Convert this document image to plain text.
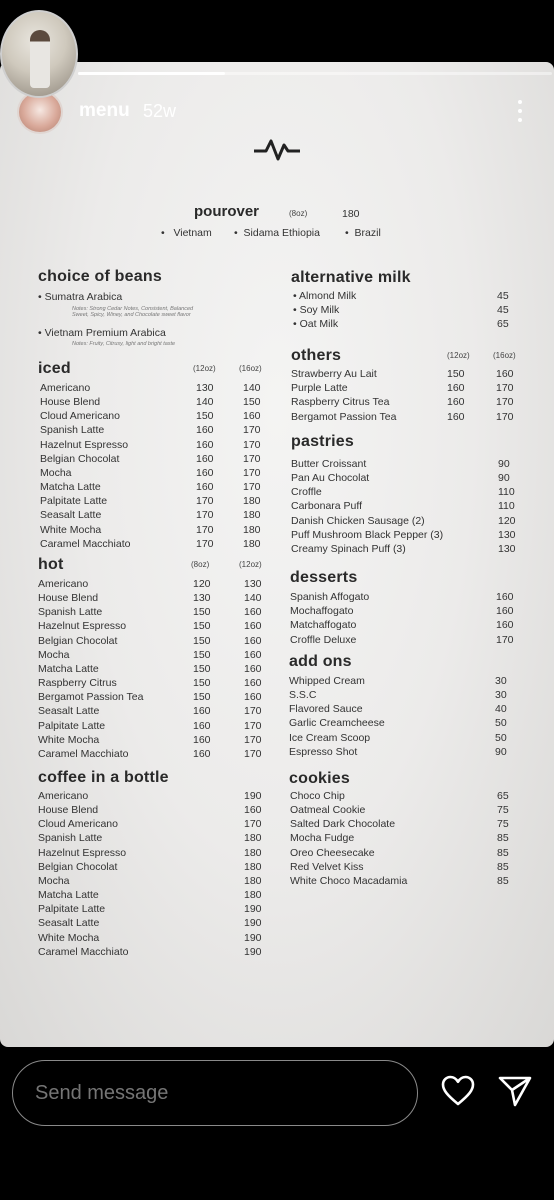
menu 52w
pourover	(8oz)	180
•   Vietnam •  Sidama Ethiopia •  Brazil
choice of beans
• Sumatra Arabica
Notes: Strong Cedar Notes, Consistent, Balanced
Sweet, Spicy, Winey, and Chocolate sweet flavor
• Vietnam Premium Arabica
Notes: Fruity, Citrusy, light and bright taste
iced	(12oz)	(16oz)
Americano	130	140
House Blend	140	150
Cloud Americano	150	160
Spanish Latte	160	170
Hazelnut Espresso	160	170
Belgian Chocolat	160	170
Mocha	160	170
Matcha Latte	160	170
Palpitate Latte	170	180
Seasalt Latte	170	180
White Mocha	170	180
Caramel Macchiato	170	180
hot	(8oz)	(12oz)
Americano	120	130
House Blend	130	140
Spanish Latte	150	160
Hazelnut Espresso	150	160
Belgian Chocolat	150	160
Mocha	150	160
Matcha Latte	150	160
Raspberry Citrus	150	160
Bergamot Passion Tea	150	160
Seasalt Latte	160	170
Palpitate Latte	160	170
White Mocha	160	170
Caramel Macchiato	160	170
coffee in a bottle
Americano	190
House Blend	160
Cloud Americano	170
Spanish Latte	180
Hazelnut Espresso	180
Belgian Chocolat	180
Mocha	180
Matcha Latte	180
Palpitate Latte	190
Seasalt Latte	190
White Mocha	190
Caramel Macchiato	190
alternative milk
• Almond Milk	45
• Soy Milk	45
• Oat Milk	65
others	(12oz)	(16oz)
Strawberry Au Lait	150	160
Purple Latte	160	170
Raspberry Citrus Tea	160	170
Bergamot Passion Tea	160	170
pastries
Butter Croissant	90
Pan Au Chocolat	90
Croffle	110
Carbonara Puff	110
Danish Chicken Sausage (2)	120
Puff Mushroom Black Pepper (3)	130
Creamy Spinach Puff (3)	130
desserts
Spanish Affogato	160
Mochaffogato	160
Matchaffogato	160
Croffle Deluxe	170
add ons
Whipped Cream	30
S.S.C	30
Flavored Sauce	40
Garlic Creamcheese	50
Ice Cream Scoop	50
Espresso Shot	90
cookies
Choco Chip	65
Oatmeal Cookie	75
Salted Dark Chocolate	75
Mocha Fudge	85
Oreo Cheesecake	85
Red Velvet Kiss	85
White Choco Macadamia	85
Send message
